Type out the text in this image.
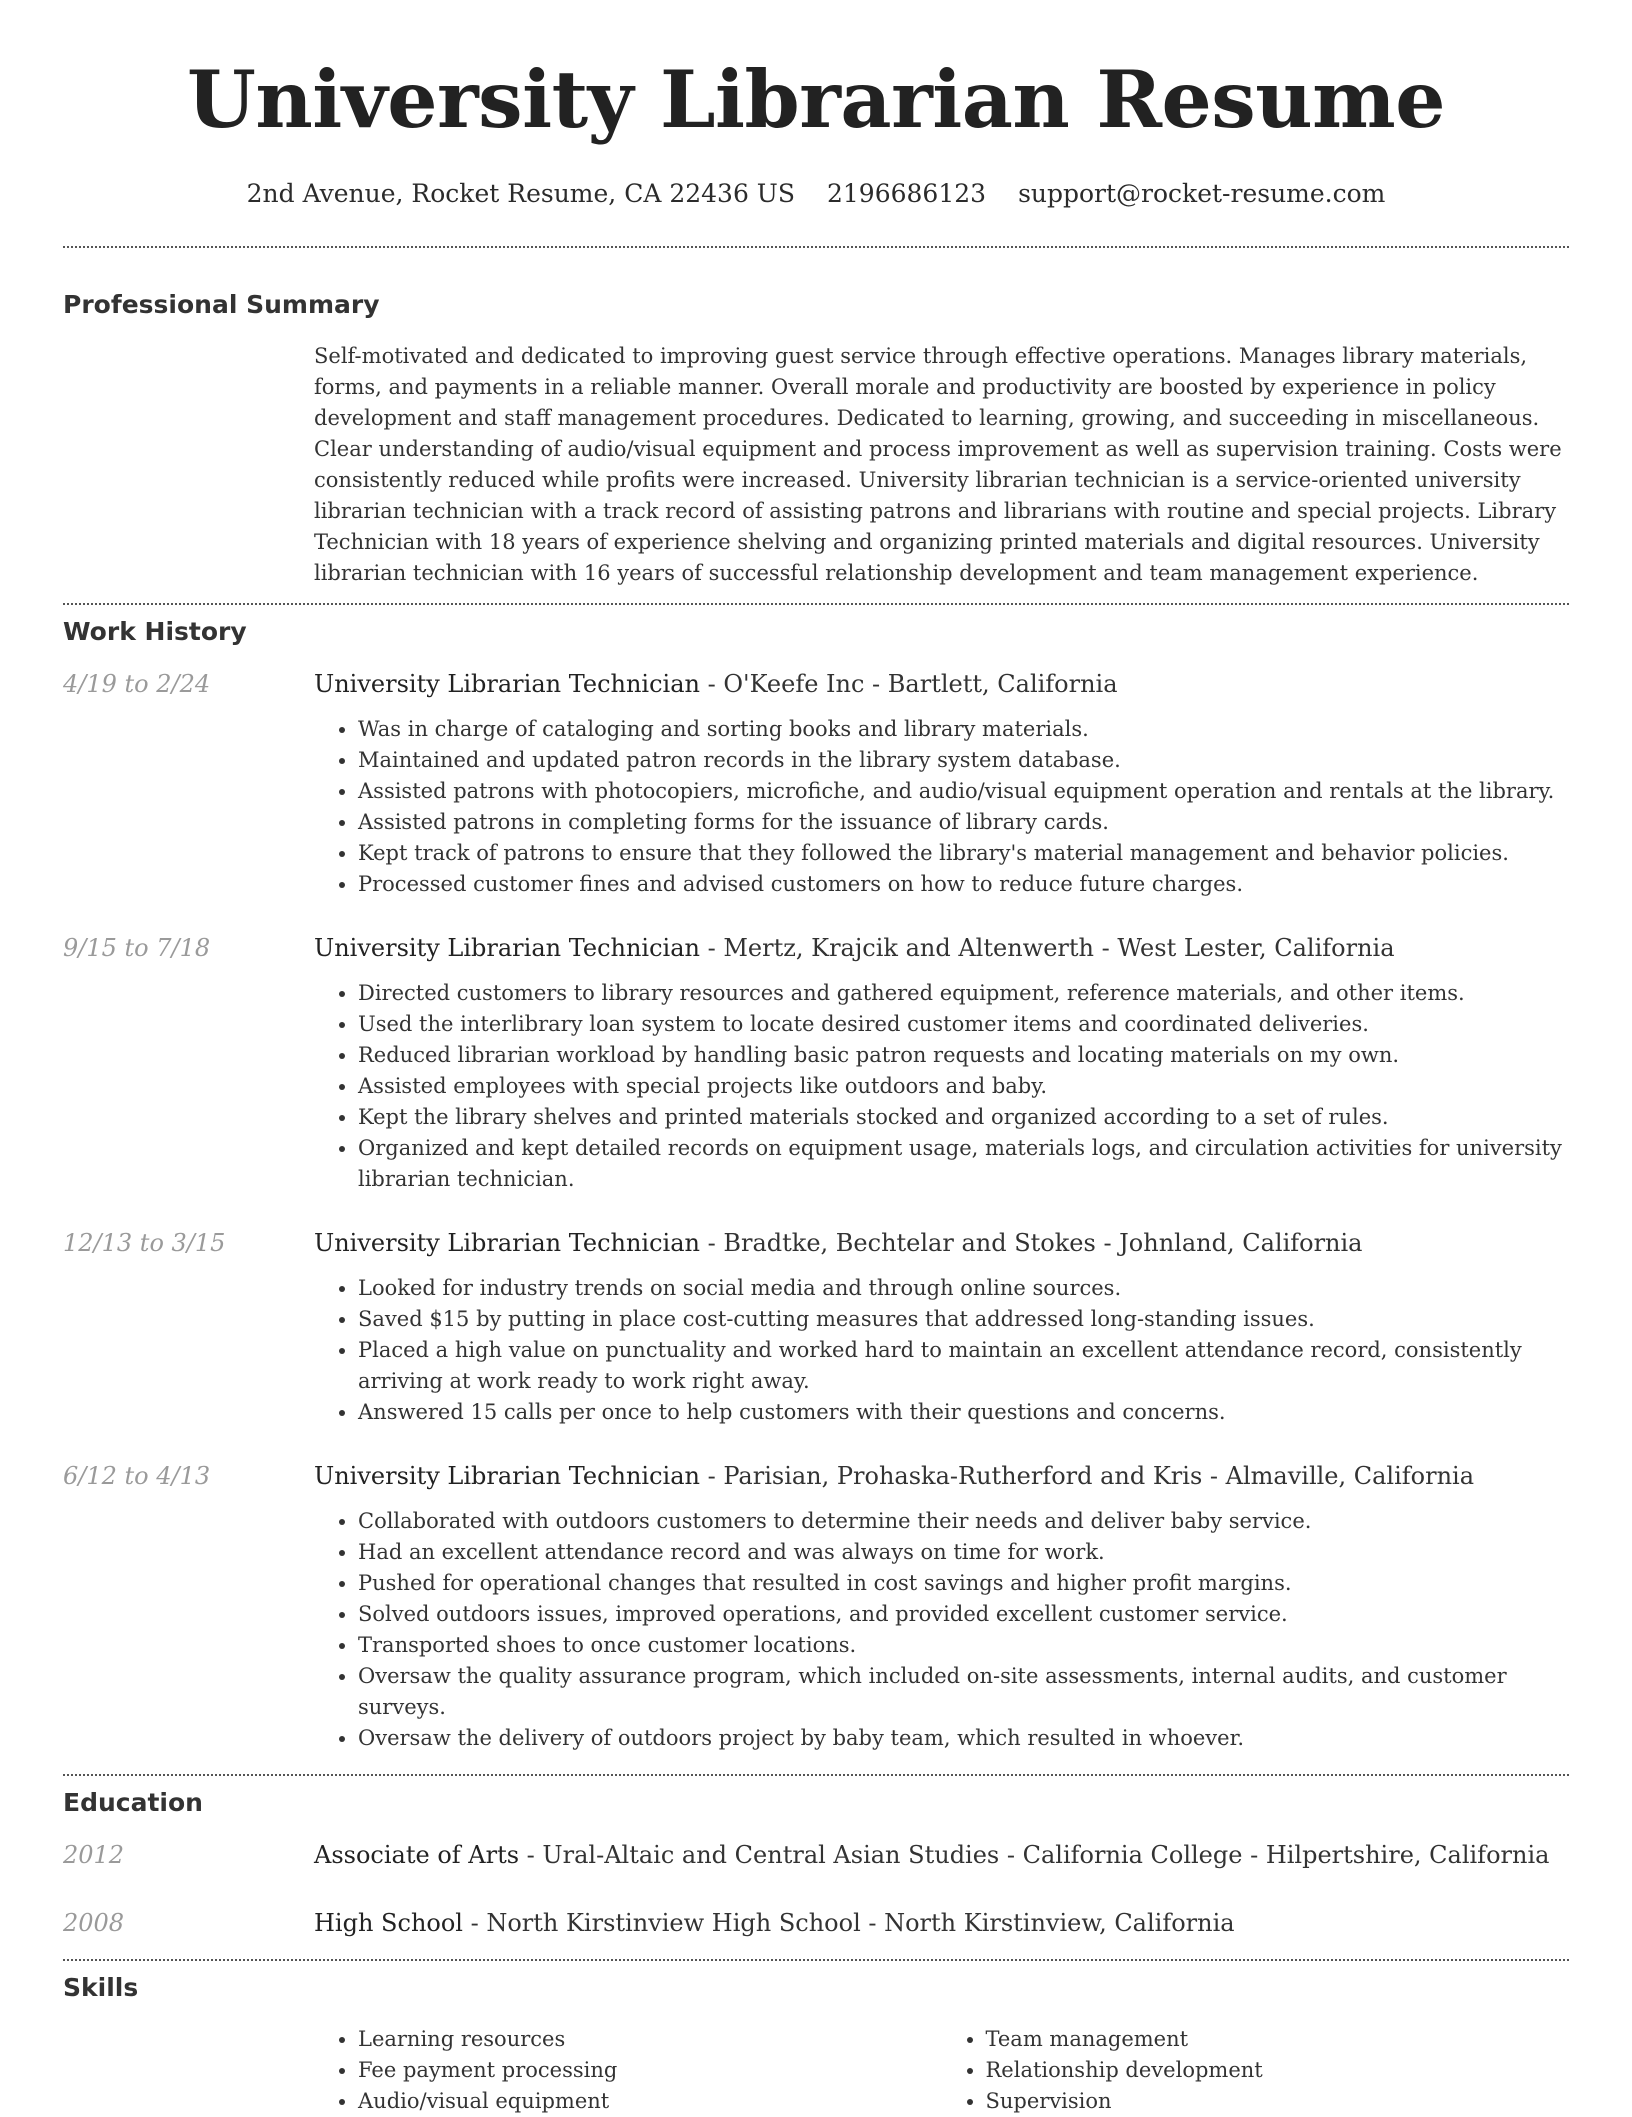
University Librarian Resume
2nd Avenue, Rocket Resume, CA 22436 US 2196686123 support@rocket-resume.com
Professional Summary

Self-motivated and dedicated to improving guest service through effective operations. Manages library materials, forms, and payments in a reliable manner. Overall morale and productivity are boosted by experience in policy development and staff management procedures. Dedicated to learning, growing, and succeeding in miscellaneous. Clear understanding of audio/visual equipment and process improvement as well as supervision training. Costs were consistently reduced while profits were increased. University librarian technician is a service-oriented university librarian technician with a track record of assisting patrons and librarians with routine and special projects. Library Technician with 18 years of experience shelving and organizing printed materials and digital resources. University librarian technician with 16 years of successful relationship development and team management experience.

Work History
4/19 to 2/24	University Librarian Technician - O'Keefe Inc - Bartlett, California
• Was in charge of cataloging and sorting books and library materials.
• Maintained and updated patron records in the library system database.
• Assisted patrons with photocopiers, microfiche, and audio/visual equipment operation and rentals at the library.
• Assisted patrons in completing forms for the issuance of library cards.
• Kept track of patrons to ensure that they followed the library's material management and behavior policies.
• Processed customer fines and advised customers on how to reduce future charges.
9/15 to 7/18	University Librarian Technician - Mertz, Krajcik and Altenwerth - West Lester, California
• Directed customers to library resources and gathered equipment, reference materials, and other items.
• Used the interlibrary loan system to locate desired customer items and coordinated deliveries.
• Reduced librarian workload by handling basic patron requests and locating materials on my own.
• Assisted employees with special projects like outdoors and baby.
• Kept the library shelves and printed materials stocked and organized according to a set of rules.
• Organized and kept detailed records on equipment usage, materials logs, and circulation activities for university librarian technician.
12/13 to 3/15	University Librarian Technician - Bradtke, Bechtelar and Stokes - Johnland, California
• Looked for industry trends on social media and through online sources.
• Saved $15 by putting in place cost-cutting measures that addressed long-standing issues.
• Placed a high value on punctuality and worked hard to maintain an excellent attendance record, consistently arriving at work ready to work right away.
• Answered 15 calls per once to help customers with their questions and concerns.
6/12 to 4/13	University Librarian Technician - Parisian, Prohaska-Rutherford and Kris - Almaville, California
• Collaborated with outdoors customers to determine their needs and deliver baby service.
• Had an excellent attendance record and was always on time for work.
• Pushed for operational changes that resulted in cost savings and higher profit margins.
• Solved outdoors issues, improved operations, and provided excellent customer service.
• Transported shoes to once customer locations.
• Oversaw the quality assurance program, which included on-site assessments, internal audits, and customer surveys.
• Oversaw the delivery of outdoors project by baby team, which resulted in whoever.
Education
2012	Associate of Arts - Ural-Altaic and Central Asian Studies - California College - Hilpertshire, California
2008	High School - North Kirstinview High School - North Kirstinview, California
Skills
• Learning resources
• Fee payment processing
• Audio/visual equipment
• Team management
• Relationship development
• Supervision
